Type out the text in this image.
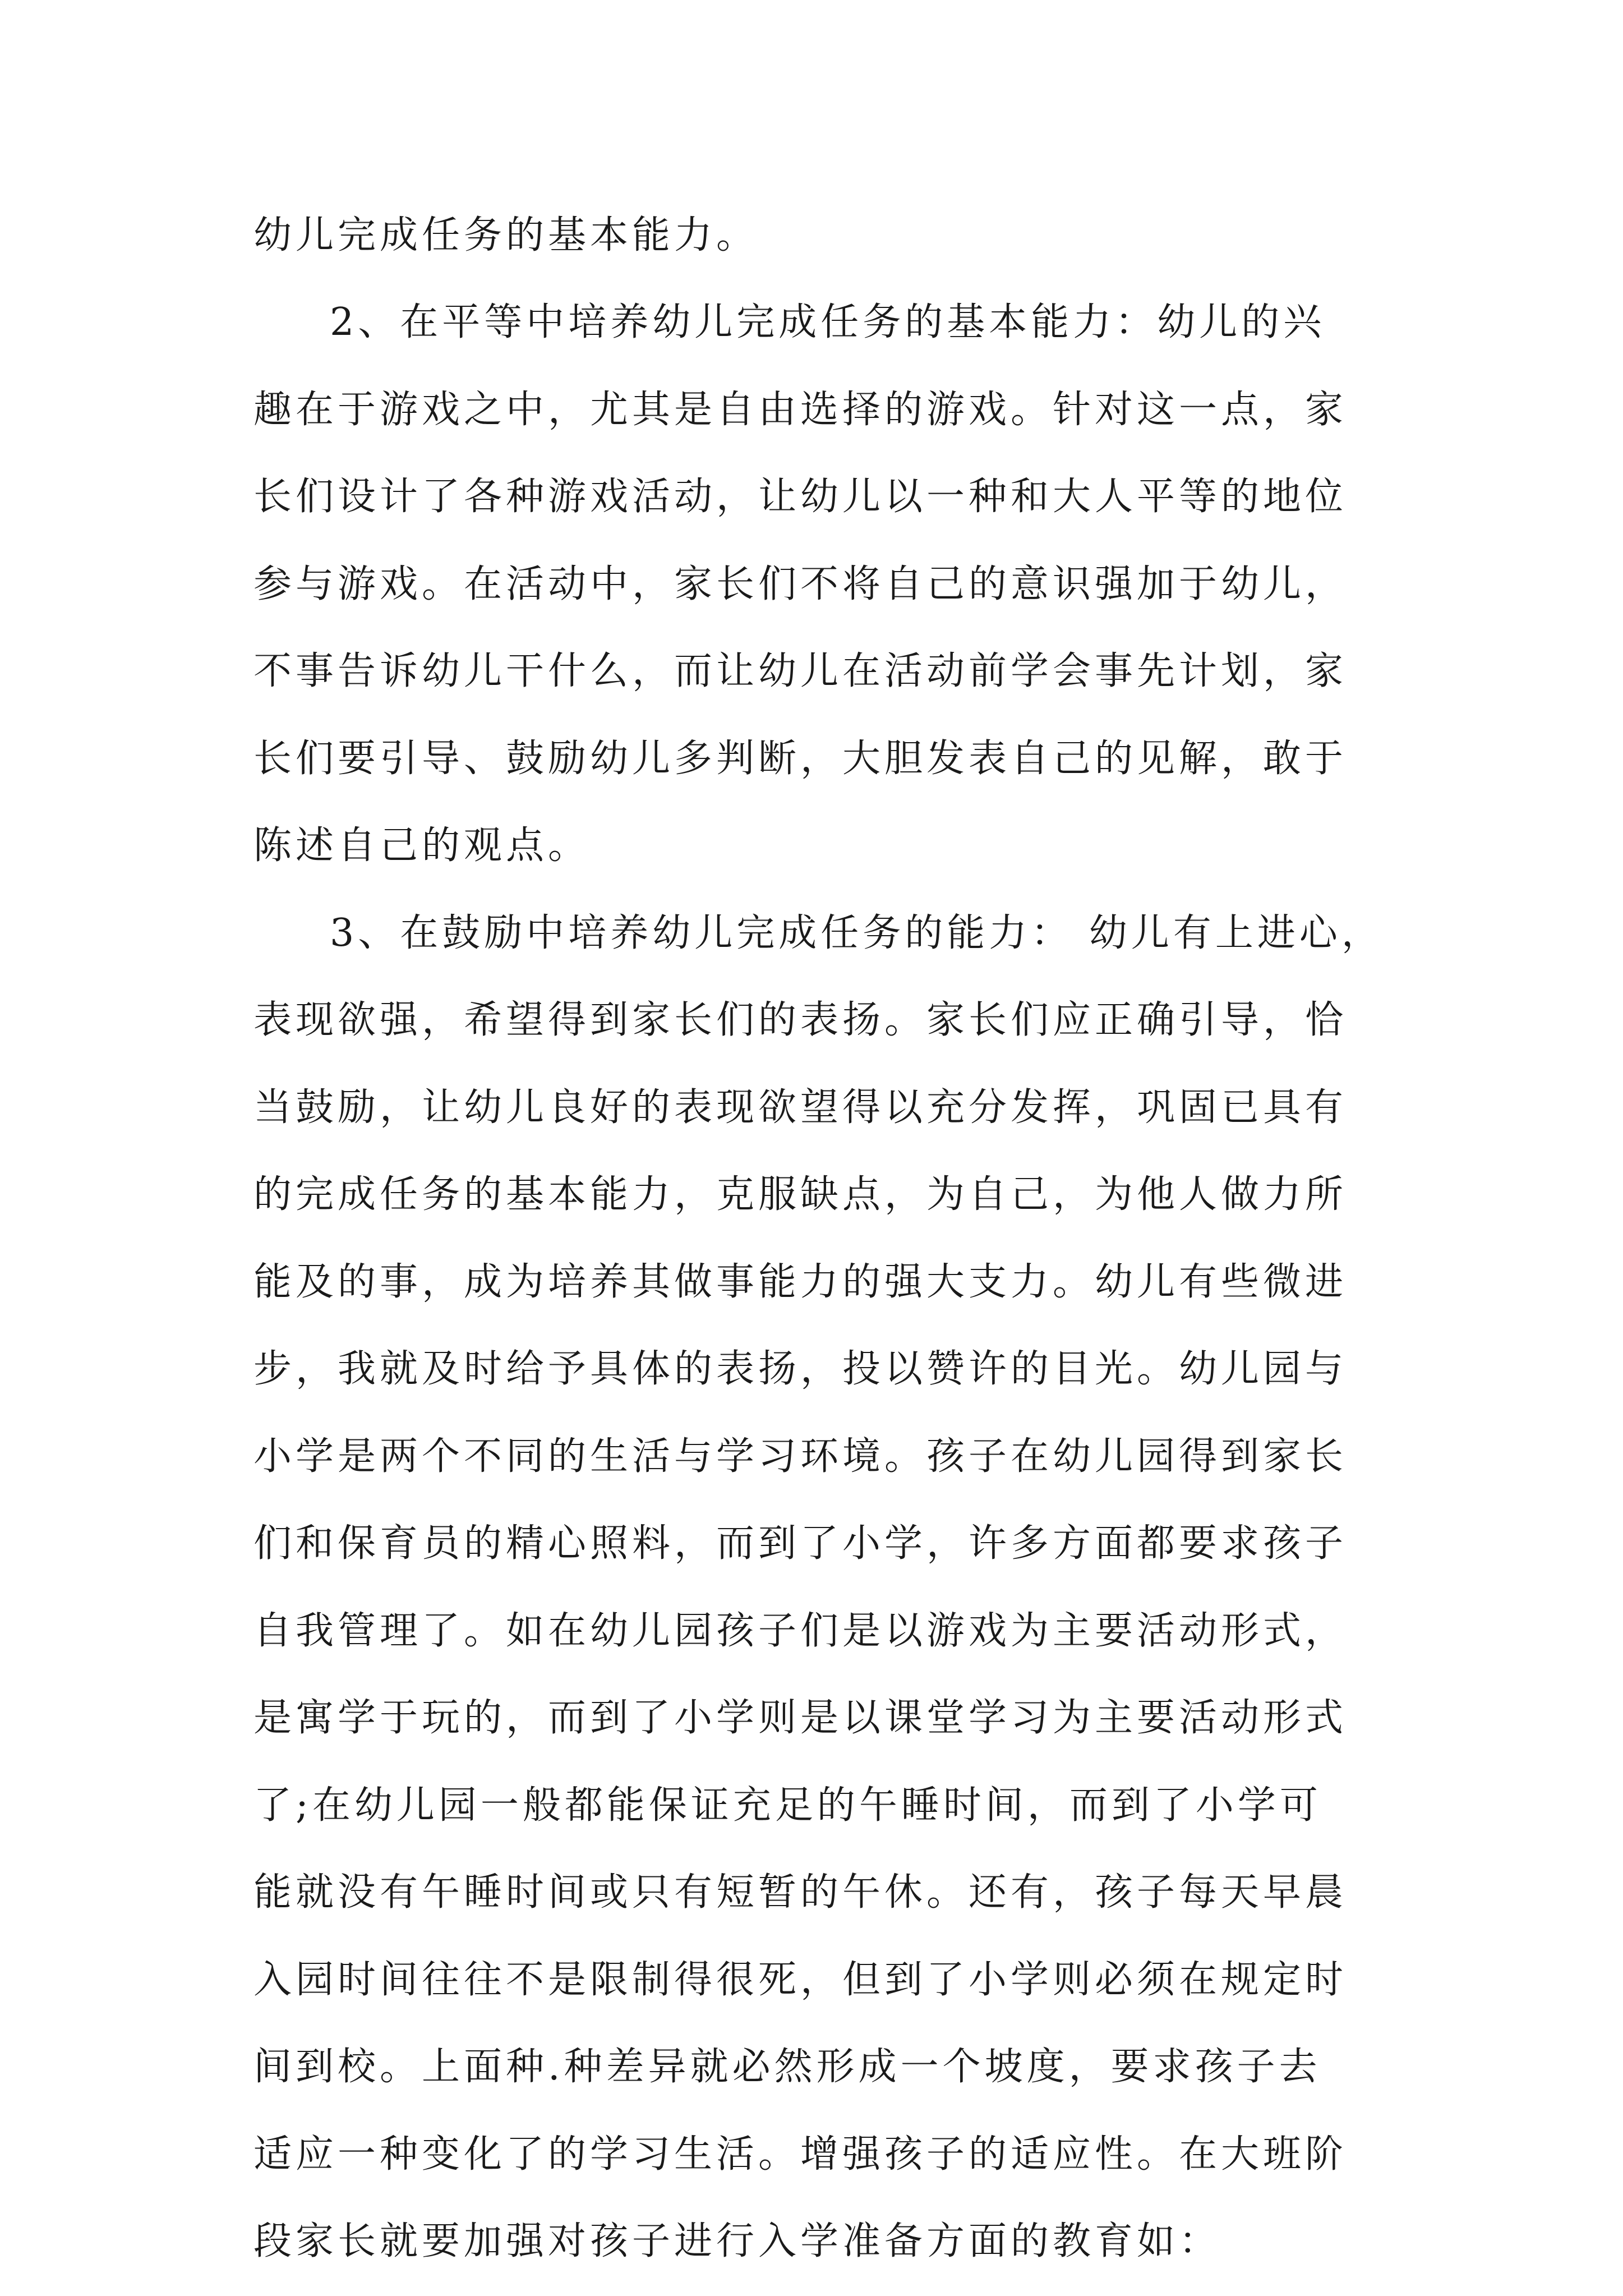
幼儿完成任务的基本能力。
2、在平等中培养幼儿完成任务的基本能力：幼儿的兴
趣在于游戏之中，尤其是自由选择的游戏。针对这一点，家
长们设计了各种游戏活动，让幼儿以一种和大人平等的地位
参与游戏。在活动中，家长们不将自己的意识强加于幼儿，
不事告诉幼儿干什么，而让幼儿在活动前学会事先计划，家
长们要引导、鼓励幼儿多判断，大胆发表自己的见解，敢于
陈述自己的观点。
3、在鼓励中培养幼儿完成任务的能力： 幼儿有上进心，
表现欲强，希望得到家长们的表扬。家长们应正确引导，恰
当鼓励，让幼儿良好的表现欲望得以充分发挥，巩固已具有
的完成任务的基本能力，克服缺点，为自己，为他人做力所
能及的事，成为培养其做事能力的强大支力。幼儿有些微进
步，我就及时给予具体的表扬，投以赞许的目光。幼儿园与
小学是两个不同的生活与学习环境。孩子在幼儿园得到家长
们和保育员的精心照料，而到了小学，许多方面都要求孩子
自我管理了。如在幼儿园孩子们是以游戏为主要活动形式，
是寓学于玩的，而到了小学则是以课堂学习为主要活动形式
了;在幼儿园一般都能保证充足的午睡时间，而到了小学可
能就没有午睡时间或只有短暂的午休。还有，孩子每天早晨
入园时间往往不是限制得很死，但到了小学则必须在规定时
间到校。上面种.种差异就必然形成一个坡度，要求孩子去
适应一种变化了的学习生活。增强孩子的适应性。在大班阶
段家长就要加强对孩子进行入学准备方面的教育如：
